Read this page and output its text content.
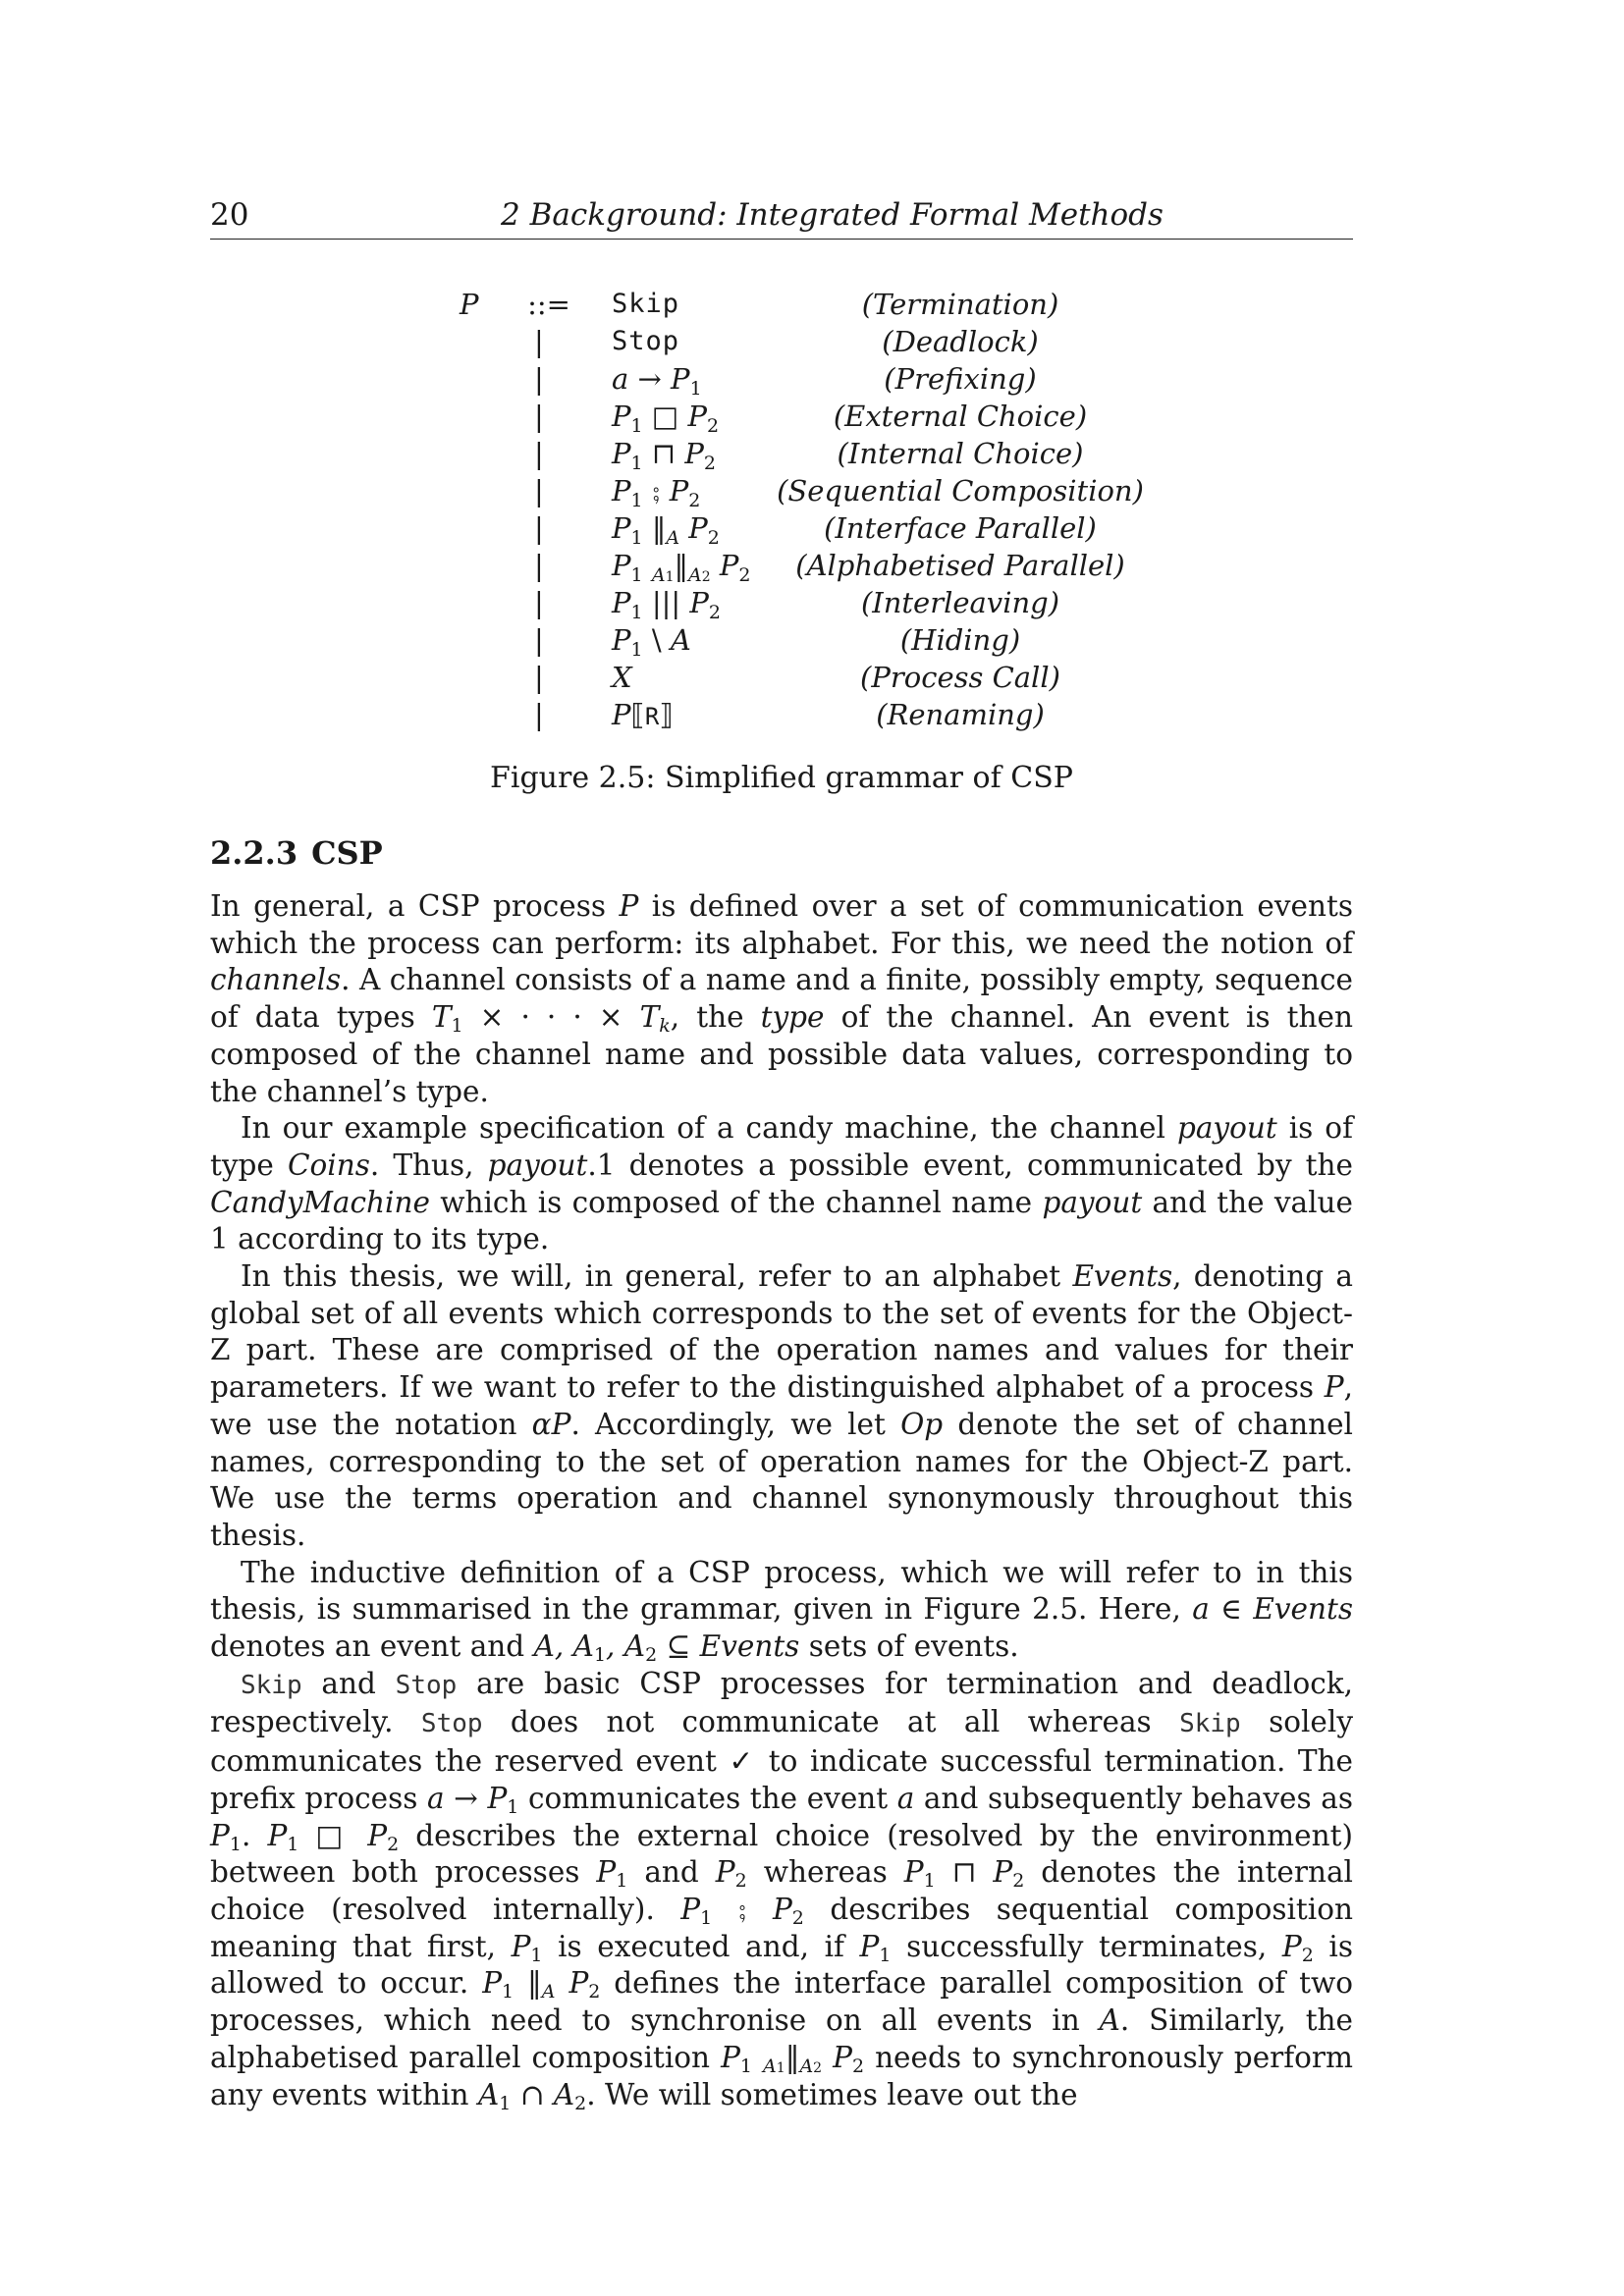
20	2 Background: Integrated Formal Methods
P ::= Skip	(Termination)
|	Stop	(Deadlock)
| $a \to P_1$	(Prefixing)
| $P_1$ □ $P_2$	(External Choice)
| $P_1$ ⊓ $P_2$	(Internal Choice)
| $P_1$ ⨟ $P_2$	(Sequential Composition)
| $P_1$ $‖_A$ $P_2$	(Interface Parallel)
| $P_1$ $_{A1}‖_{A2}$ $P_2$	(Alphabetised Parallel)
| $P_1$ ||| $P_2$	(Interleaving)
| $P_1$ \ A	(Hiding)
| X	(Process Call)
| P⟦R⟧	(Renaming)
Figure 2.5: Simplified grammar of CSP
2.2.3 CSP

In general, a CSP process P is defined over a set of communication events which the process can perform: its alphabet. For this, we need the notion of channels. A channel consists of a name and a finite, possibly empty, sequence of data types $T_1$ × · · · × $T_k$, the type of the channel. An event is then composed of the channel name and possible data values, corresponding to the channel’s type.

In our example specification of a candy machine, the channel payout is of type Coins. Thus, payout.1 denotes a possible event, communicated by the CandyMachine which is composed of the channel name payout and the value 1 according to its type.

In this thesis, we will, in general, refer to an alphabet Events, denoting a global set of all events which corresponds to the set of events for the Object-Z part. These are comprised of the operation names and values for their parameters. If we want to refer to the distinguished alphabet of a process P, we use the notation αP. Accordingly, we let Op denote the set of channel names, corresponding to the set of operation names for the Object-Z part. We use the terms operation and channel synonymously throughout this thesis.

The inductive definition of a CSP process, which we will refer to in this thesis, is summarised in the grammar, given in Figure 2.5. Here, a ∈ Events denotes an event and A, $A_1$, $A_2$ ⊆ Events sets of events.

Skip and Stop are basic CSP processes for termination and deadlock, respectively. Stop does not communicate at all whereas Skip solely communicates the reserved event ✓ to indicate successful termination. The prefix process $a \to P_1$ communicates the event a and subsequently behaves as $P_1$. $P_1$ □ $P_2$ describes the external choice (resolved by the environment) between both processes $P_1$ and $P_2$ whereas $P_1$ ⊓ $P_2$ denotes the internal choice (resolved internally). $P_1$ ⨟ $P_2$ describes sequential composition meaning that first, $P_1$ is executed and, if $P_1$ successfully terminates, $P_2$ is allowed to occur. $P_1$ $‖_A$ $P_2$ defines the interface parallel composition of two processes, which need to synchronise on all events in A. Similarly, the alphabetised parallel composition $P_1$ $_{A1}‖_{A2}$ $P_2$ needs to synchronously perform any events within $A_1$ ∩ $A_2$. We will sometimes leave out the
